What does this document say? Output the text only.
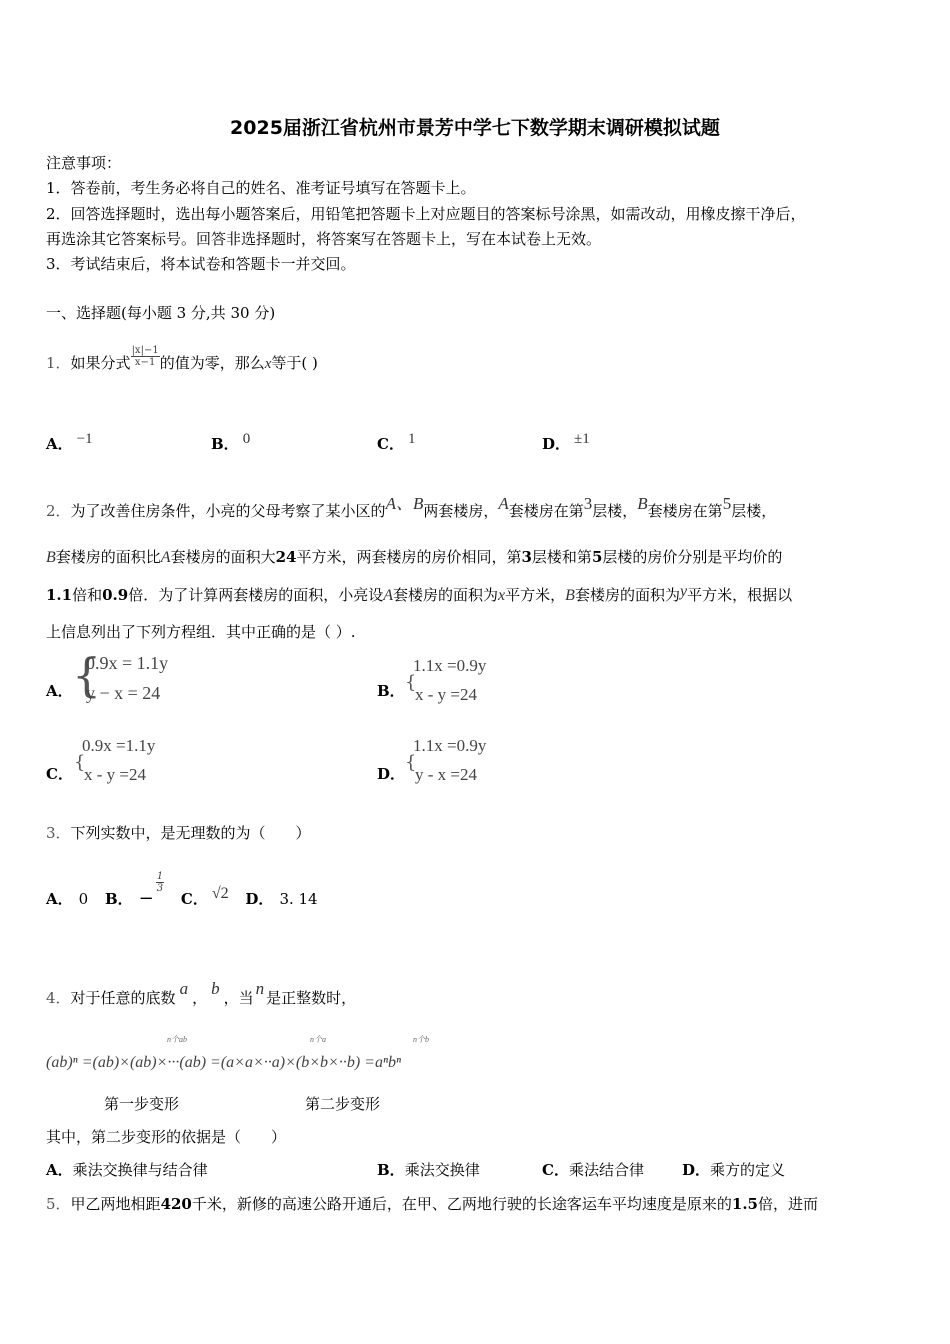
2025届浙江省杭州市景芳中学七下数学期末调研模拟试题
注意事项：
1．答卷前，考生务必将自己的姓名、准考证号填写在答题卡上。
2．回答选择题时，选出每小题答案后，用铅笔把答题卡上对应题目的答案标号涂黑，如需改动，用橡皮擦干净后，
再选涂其它答案标号。回答非选择题时，将答案写在答题卡上，写在本试卷上无效。
3．考试结束后，将本试卷和答题卡一并交回。
一、选择题(每小题 3 分,共 30 分)
1．如果分式 $\frac{|x|-1}{x-1}$ 的值为零，那么x等于( )
A． −1	B． 0	C． 1	D． ±1
2．为了改善住房条件，小亮的父母考察了某小区的A、B两套楼房，A套楼房在第3层楼，B套楼房在第5层楼，
B套楼房的面积比A套楼房的面积大24平方米，两套楼房的房价相同，第3层楼和第5层楼的房价分别是平均价的
1.1倍和0.9倍．为了计算两套楼房的面积，小亮设A套楼房的面积为x平方米，B套楼房的面积为y平方米，根据以
上信息列出了下列方程组．其中正确的是（ ）.
A． {
0.9x = 1.1y
y − x = 24	B． {
1.1x =0.9y
x - y =24
C．
{
0.9x =1.1y
x - y =24	D．
{
1.1x =0.9y
y - x =24
3．下列实数中，是无理数的为（　　）
A． 0 B． −
$\frac{1}{3}$
C． √2 D． 3. 14
4．对于任意的底数 a ， b ，当 n 是正整数时，
n个ab	n个a	n个b
(ab)ⁿ =(ab)×(ab)×···(ab) =(a×a×··a)×(b×b×··b) =aⁿbⁿ
第一步变形	第二步变形
其中，第二步变形的依据是（　　）
A．乘法交换律与结合律	B．乘法交换律	C．乘法结合律	D．乘方的定义
5．甲乙两地相距420千米，新修的高速公路开通后，在甲、乙两地行驶的长途客运车平均速度是原来的1.5倍，进而
